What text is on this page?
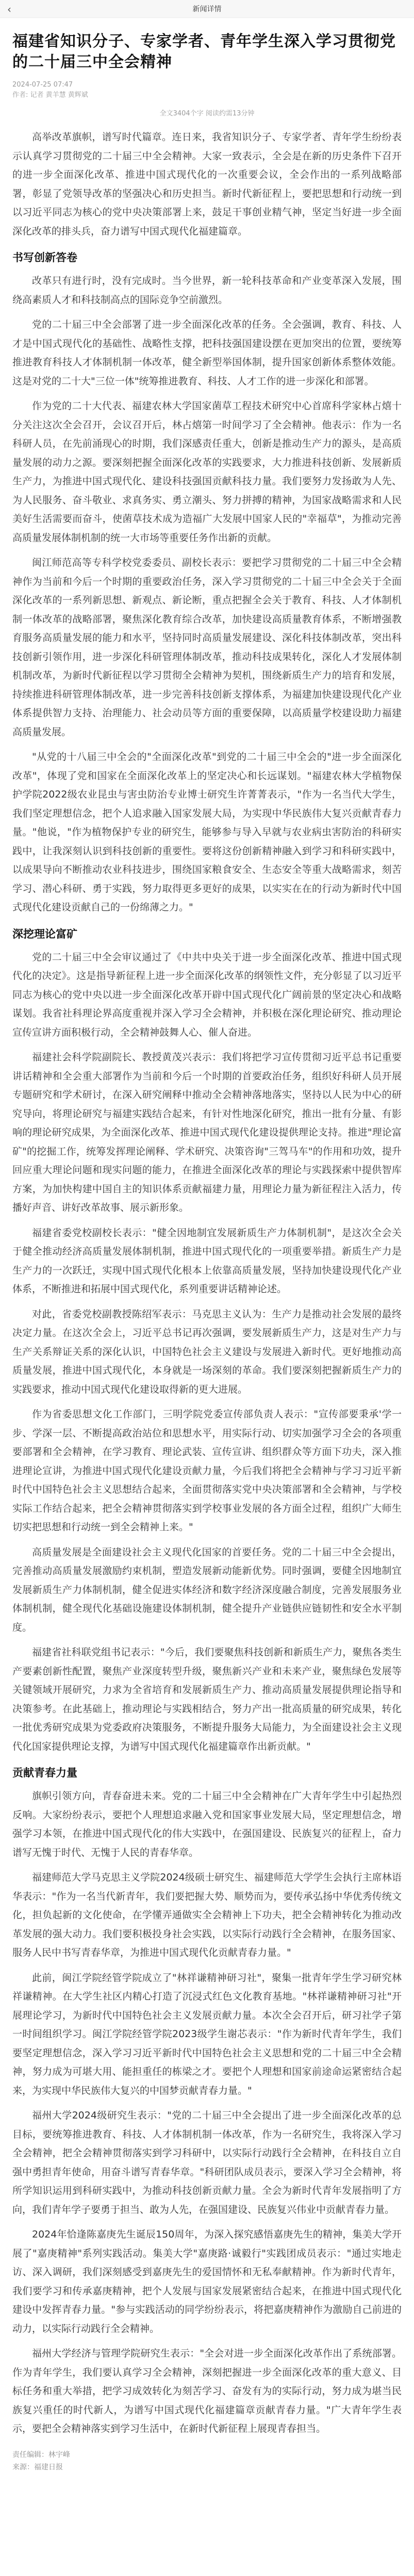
‹	新闻详情
福建省知识分子、专家学者、青年学生深入学习贯彻党的二十届三中全会精神
2024-07-25 07:47
作者: 记者 黄羊慧 黄辉斌
全文3404个字 阅读约需13分钟

高举改革旗帜，谱写时代篇章。连日来，我省知识分子、专家学者、青年学生纷纷表示认真学习贯彻党的二十届三中全会精神。大家一致表示，全会是在新的历史条件下召开的进一步全面深化改革、推进中国式现代化的一次重要会议，全会作出的一系列战略部署，彰显了党领导改革的坚强决心和历史担当。新时代新征程上，要把思想和行动统一到以习近平同志为核心的党中央决策部署上来，鼓足干事创业精气神，坚定当好进一步全面深化改革的排头兵，奋力谱写中国式现代化福建篇章。

书写创新答卷

改革只有进行时，没有完成时。当今世界，新一轮科技革命和产业变革深入发展，围绕高素质人才和科技制高点的国际竞争空前激烈。

党的二十届三中全会部署了进一步全面深化改革的任务。全会强调，教育、科技、人才是中国式现代化的基础性、战略性支撑，把科技强国建设摆在更加突出的位置，要统筹推进教育科技人才体制机制一体改革，健全新型举国体制，提升国家创新体系整体效能。这是对党的二十大"三位一体"统筹推进教育、科技、人才工作的进一步深化和部署。

作为党的二十大代表、福建农林大学国家菌草工程技术研究中心首席科学家林占熺十分关注这次全会召开，会议召开后，林占熺第一时间学习了全会精神。他表示：作为一名科研人员，在先前涌现心的时期，我们深感责任重大，创新是推动生产力的源头，是高质量发展的动力之源。要深刻把握全面深化改革的实践要求，大力推进科技创新、发展新质生产力，为推进中国式现代化、建设科技强国贡献科技力量。我们要努力发扬敢为人先、为人民服务、奋斗敬业、求真务实、勇立潮头、努力拼搏的精神，为国家战略需求和人民美好生活需要而奋斗，使菌草技术成为造福广大发展中国家人民的"幸福草"，为推动完善高质量发展体制机制的统一大市场等重要任务作出新的贡献。

闽江师范高等专科学校党委委员、副校长表示：要把学习贯彻党的二十届三中全会精神作为当前和今后一个时期的重要政治任务，深入学习贯彻党的二十届三中全会关于全面深化改革的一系列新思想、新观点、新论断，重点把握全会关于教育、科技、人才体制机制一体改革的战略部署，聚焦深化教育综合改革，加快建设高质量教育体系，不断增强教育服务高质量发展的能力和水平，坚持同时高质量发展建设、深化科技体制改革，突出科技创新引领作用，进一步深化科研管理体制改革，推动科技成果转化，深化人才发展体制机制改革，为新时代新征程以学习贯彻全会精神为契机，围绕新质生产力的培育和发展，持续推进科研管理体制改革，进一步完善科技创新支撑体系，为福建加快建设现代化产业体系提供智力支持、治理能力、社会动员等方面的重要保障，以高质量学校建设助力福建高质量发展。

"从党的十八届三中全会的"全面深化改革"到党的二十届三中全会的"进一步全面深化改革"，体现了党和国家在全面深化改革上的坚定决心和长远谋划。"福建农林大学植物保护学院2022级农业昆虫与害虫防治专业博士研究生许菁菁表示，"作为一名当代大学生，我们坚定理想信念，把个人追求融入国家发展大局，为实现中华民族伟大复兴贡献青春力量。"他说，"作为植物保护专业的研究生，能够参与导入早就与农业病虫害防治的科研实践中，让我深刻认识到科技创新的重要性。要将这份创新精神融入到学习和科研实践中，以成果导向不断推动农业科技进步，围绕国家粮食安全、生态安全等重大战略需求，刻苦学习、潜心科研、勇于实践，努力取得更多更好的成果，以实实在在的行动为新时代中国式现代化建设贡献自己的一份绵薄之力。"

深挖理论富矿

党的二十届三中全会审议通过了《中共中央关于进一步全面深化改革、推进中国式现代化的决定》。这是指导新征程上进一步全面深化改革的纲领性文件，充分彰显了以习近平同志为核心的党中央以进一步全面深化改革开辟中国式现代化广阔前景的坚定决心和战略谋划。我省社科理论界高度重视并深入学习全会精神，并积极在深化理论研究、推动理论宣传宣讲方面积极行动，全会精神鼓舞人心、催人奋进。

福建社会科学院副院长、教授黄茂兴表示：我们将把学习宣传贯彻习近平总书记重要讲话精神和全会重大部署作为当前和今后一个时期的首要政治任务，组织好科研人员开展专题研究和学术研讨，在深入研究阐释中推动全会精神落地落实，坚持以人民为中心的研究导向，将理论研究与福建实践结合起来，有针对性地深化研究，推出一批有分量、有影响的理论研究成果，为全面深化改革、推进中国式现代化建设提供理论支持。推进"理论富矿"的挖掘工作，统筹发挥理论阐释、学术研究、决策咨询"三驾马车"的作用和功效，提升回应重大理论问题和现实问题的能力，在推进全面深化改革的理论与实践探索中提供智库方案，为加快构建中国自主的知识体系贡献福建力量，用理论力量为新征程注入活力，传播好声音、讲好改革故事、展示新形象。

福建省委党校副校长表示："健全因地制宜发展新质生产力体制机制"，是这次全会关于健全推动经济高质量发展体制机制，推进中国式现代化的一项重要举措。新质生产力是生产力的一次跃迁，实现中国式现代化根本上依靠高质量发展，坚持加快建设现代化产业体系，不断推进和拓展中国式现代化，系列重要讲话精神论述。

对此，省委党校副教授陈绍军表示：马克思主义认为：生产力是推动社会发展的最终决定力量。在这次全会上，习近平总书记再次强调，要发展新质生产力，这是对生产力与生产关系辩证关系的深化认识，中国特色社会主义建设与发展进入新时代。更好地推动高质量发展，推进中国式现代化，本身就是一场深刻的革命。我们要深刻把握新质生产力的实践要求，推动中国式现代化建设取得新的更大进展。

作为省委思想文化工作部门，三明学院党委宣传部负责人表示："宣传部要秉承'学一步、学深一层、不断提高政治站位和思想水平，用实际行动、切实加强学习全会的各项重要部署和全会精神，在学习教育、理论武装、宣传宣讲、组织群众等方面下功夫，深入推进理论宣讲，为推进中国式现代化建设贡献力量，今后我们将把全会精神与学习习近平新时代中国特色社会主义思想结合起来，全面贯彻落实党中央决策部署和全会精神，与学校实际工作结合起来，把全会精神贯彻落实到学校事业发展的各方面全过程，组织广大师生切实把思想和行动统一到全会精神上来。"

高质量发展是全面建设社会主义现代化国家的首要任务。党的二十届三中全会提出，完善推动高质量发展激励约束机制，塑造发展新动能新优势。同时强调，要健全因地制宜发展新质生产力体制机制，健全促进实体经济和数字经济深度融合制度，完善发展服务业体制机制，健全现代化基础设施建设体制机制，健全提升产业链供应链韧性和安全水平制度。

福建省社科联党组书记表示："今后，我们要聚焦科技创新和新质生产力，聚焦各类生产要素创新性配置，聚焦产业深度转型升级，聚焦新兴产业和未来产业，聚焦绿色发展等关键领域开展研究，力求为全省培育和发展新质生产力、推动高质量发展提供理论指导和决策参考。在此基础上，推动理论与实践相结合，努力产出一批高质量的研究成果，转化一批优秀研究成果为党委政府决策服务，不断提升服务大局能力，为全面建设社会主义现代化国家提供理论支撑，为谱写中国式现代化福建篇章作出新贡献。"

贡献青春力量

旗帜引领方向，青春奋进未来。党的二十届三中全会精神在广大青年学生中引起热烈反响。大家纷纷表示，要把个人理想追求融入党和国家事业发展大局，坚定理想信念，增强学习本领，在推进中国式现代化的伟大实践中，在强国建设、民族复兴的征程上，奋力谱写无愧于时代、无愧于人民的青春华章。

福建师范大学马克思主义学院2024级硕士研究生、福建师范大学学生会执行主席林语华表示："作为一名当代新青年，我们要把握大势、顺势而为，要传承弘扬中华优秀传统文化，担负起新的文化使命，在学懂弄通做实全会精神上下功夫，把全会精神转化为推动改革发展的强大动力。我们要积极投身社会实践，以实际行动践行全会精神，在服务国家、服务人民中书写青春华章，为推进中国式现代化贡献青春力量。"

此前，闽江学院经管学院成立了"林祥谦精神研习社"，聚集一批青年学生学习研究林祥谦精神。在大学生社区内精心打造了沉浸式红色文化教育基地。"林祥谦精神研习社"开展理论学习，为新时代中国特色社会主义发展贡献力量。本次全会召开后，研习社学子第一时间组织学习。闽江学院经管学院2023级学生谢芯表示："作为新时代青年学生，我们要坚定理想信念，深入学习习近平新时代中国特色社会主义思想和党的二十届三中全会精神，努力成为可堪大用、能担重任的栋梁之才。要把个人理想和国家前途命运紧密结合起来，为实现中华民族伟大复兴的中国梦贡献青春力量。"

福州大学2024级研究生表示："党的二十届三中全会提出了进一步全面深化改革的总目标，要统筹推进教育、科技、人才体制机制一体改革，作为一名研究生，我将深入学习全会精神，把全会精神贯彻落实到学习科研中，以实际行动践行全会精神，在科技自立自强中勇担青年使命，用奋斗谱写青春华章。"科研团队成员表示，要深入学习全会精神，将所学知识运用到科研实践中，为推动科技创新贡献力量。全会为新时代青年发展指明了方向，我们青年学子要勇于担当、敢为人先，在强国建设、民族复兴伟业中贡献青春力量。

2024年恰逢陈嘉庚先生诞辰150周年，为深入探究感悟嘉庚先生的精神，集美大学开展了"嘉庚精神"系列实践活动。集美大学"嘉庚路·诚毅行"实践团成员表示："通过实地走访、深入调研，我们深刻感受到嘉庚先生的爱国情怀和无私奉献精神。作为新时代青年，我们要学习和传承嘉庚精神，把个人发展与国家发展紧密结合起来，在推进中国式现代化建设中发挥青春力量。"参与实践活动的同学纷纷表示，将把嘉庚精神作为激励自己前进的动力，以实际行动践行全会精神。

福州大学经济与管理学院研究生表示："全会对进一步全面深化改革作出了系统部署。作为青年学生，我们要认真学习全会精神，深刻把握进一步全面深化改革的重大意义、目标任务和重大举措，把学习成效转化为刻苦学习、奋发有为的实际行动，努力成为堪当民族复兴重任的时代新人，为谱写中国式现代化福建篇章贡献青春力量。"广大青年学生表示，要把全会精神落实到学习生活中，在新时代新征程上展现青春担当。

责任编辑：林宇峰
来源：福建日报
